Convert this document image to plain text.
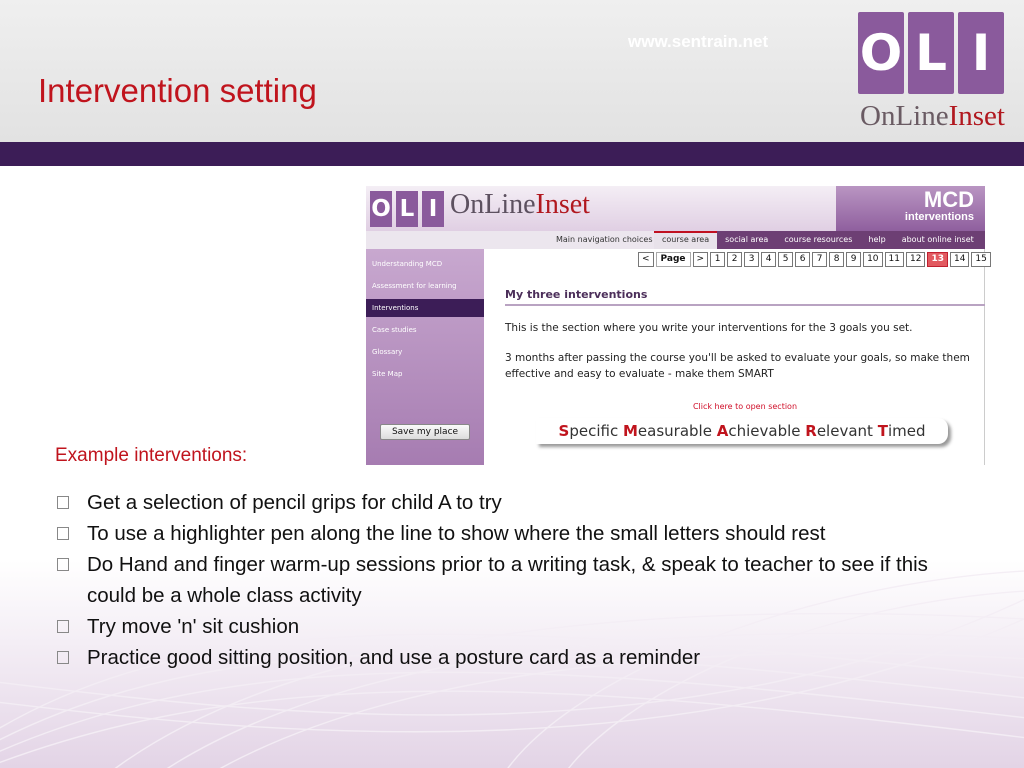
www.sentrain.net
Intervention setting
O L I
OnLineInset
O L I OnLineInset	MCD
interventions
Main navigation choices	course area	social area	course resources	help	about online inset
Understanding MCD
Assessment for learning
Interventions
Case studies
Glossary
Site Map
Save my place
<	Page	>	1	2	3	4	5	6	7	8	9	10	11	12	13	14	15
My three interventions
This is the section where you write your interventions for the 3 goals you set.
3 months after passing the course you'll be asked to evaluate your goals, so make them effective and easy to evaluate - make them SMART
Click here to open section
Specific Measurable Achievable Relevant Timed
Example interventions:
Get a selection of pencil grips for child A to try
To use a highlighter pen along the line to show where the small letters should rest
Do Hand and finger warm-up sessions prior to a writing task, & speak to teacher to see if this could be a whole class activity
Try move 'n' sit cushion
Practice good sitting position, and use a posture card as a reminder
